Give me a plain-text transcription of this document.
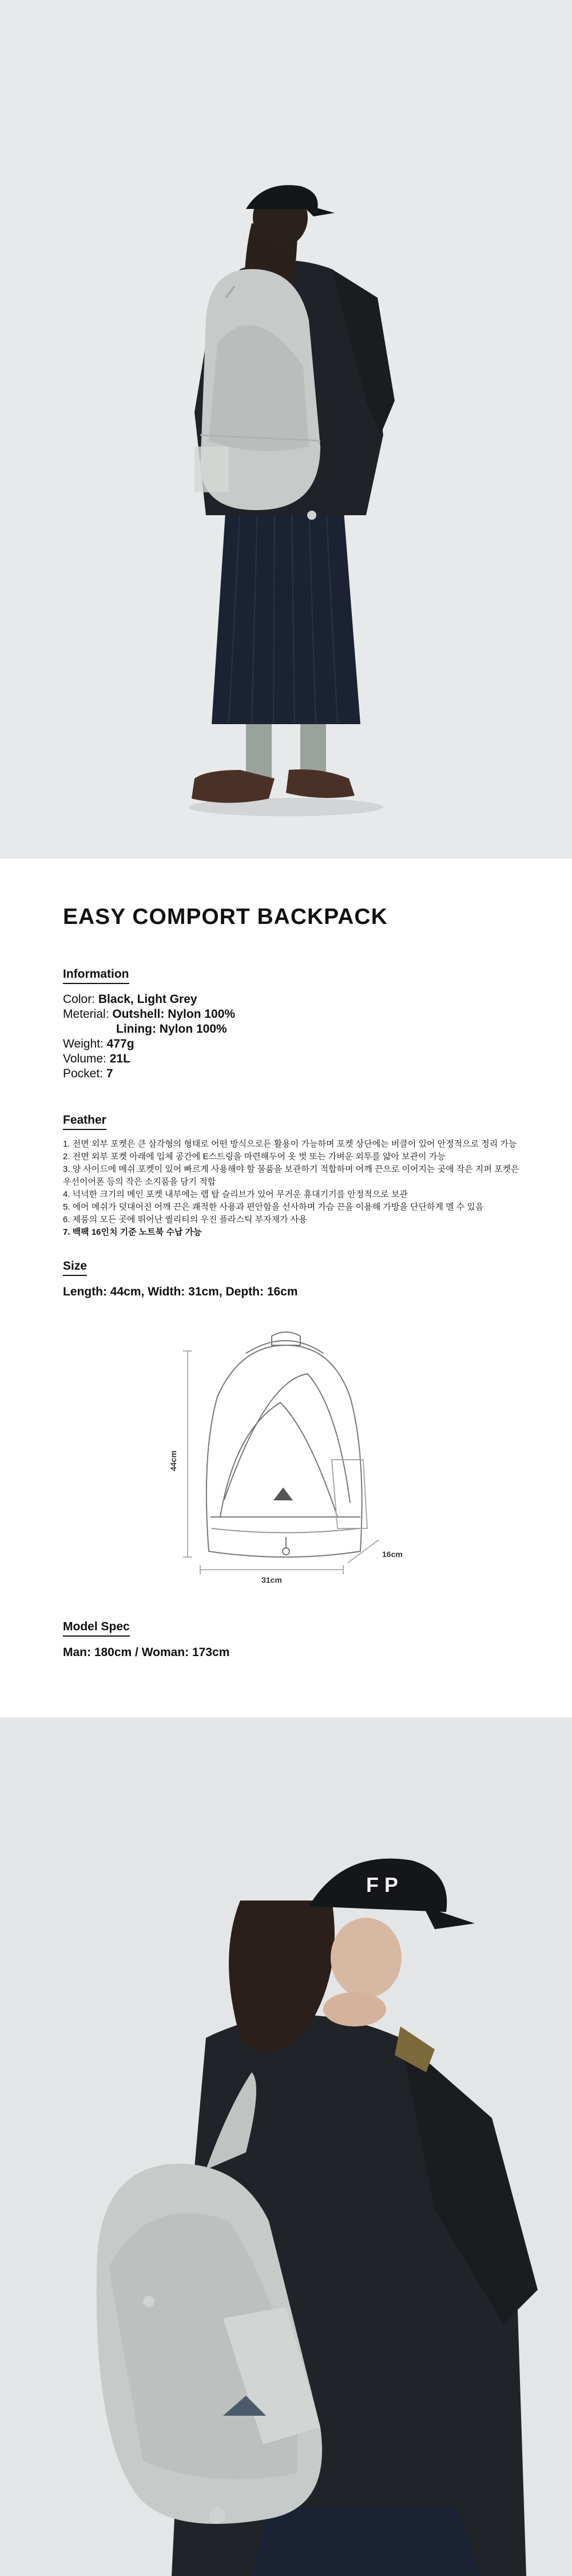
EASY COMPORT BACKPACK
Information

Color: Black, Light Grey

Meterial: Outshell: Nylon 100%

Lining: Nylon 100%

Weight: 477g

Volume: 21L

Pocket: 7

Feather
1. 전면 외부 포켓은 큰 삼각형의 형태로 어떤 방식으로든 활용이 가능하며 포켓 상단에는 버클이 있어 안정적으로 정리 가능
2. 전면 외부 포켓 아래에 입체 공간에 E스트링을 마련해두어 옷 벗 또는 가벼운 외투를 얇아 보관이 가능
3. 양 사이드에 메쉬 포켓이 있어 빠르게 사용해야 할 물품을 보관하기 적합하며 어깨 끈으로 이어지는 곳에 작은 지퍼 포켓은
우선이어폰 등의 작은 소지품을 담기 적합
4. 넉넉한 크기의 메인 포켓 내부에는 랩 탑 슬리브가 있어 무거운 휴대기기를 안정적으로 보관
5. 에어 메쉬가 덧대어진 어깨 끈은 쾌적한 사용과 편안함을 선사하며 가슴 끈을 이용해 가방을 단단하게 멜 수 있음
6. 제품의 모든 곳에 뛰어난 퀄리티의 우진 플라스틱 부자재가 사용
7. 백팩 16인치 기준 노트북 수납 가능
Size

Length: 44cm, Width: 31cm, Depth: 16cm

44cm
31cm
16cm
Model Spec

Man: 180cm / Woman: 173cm

F P
